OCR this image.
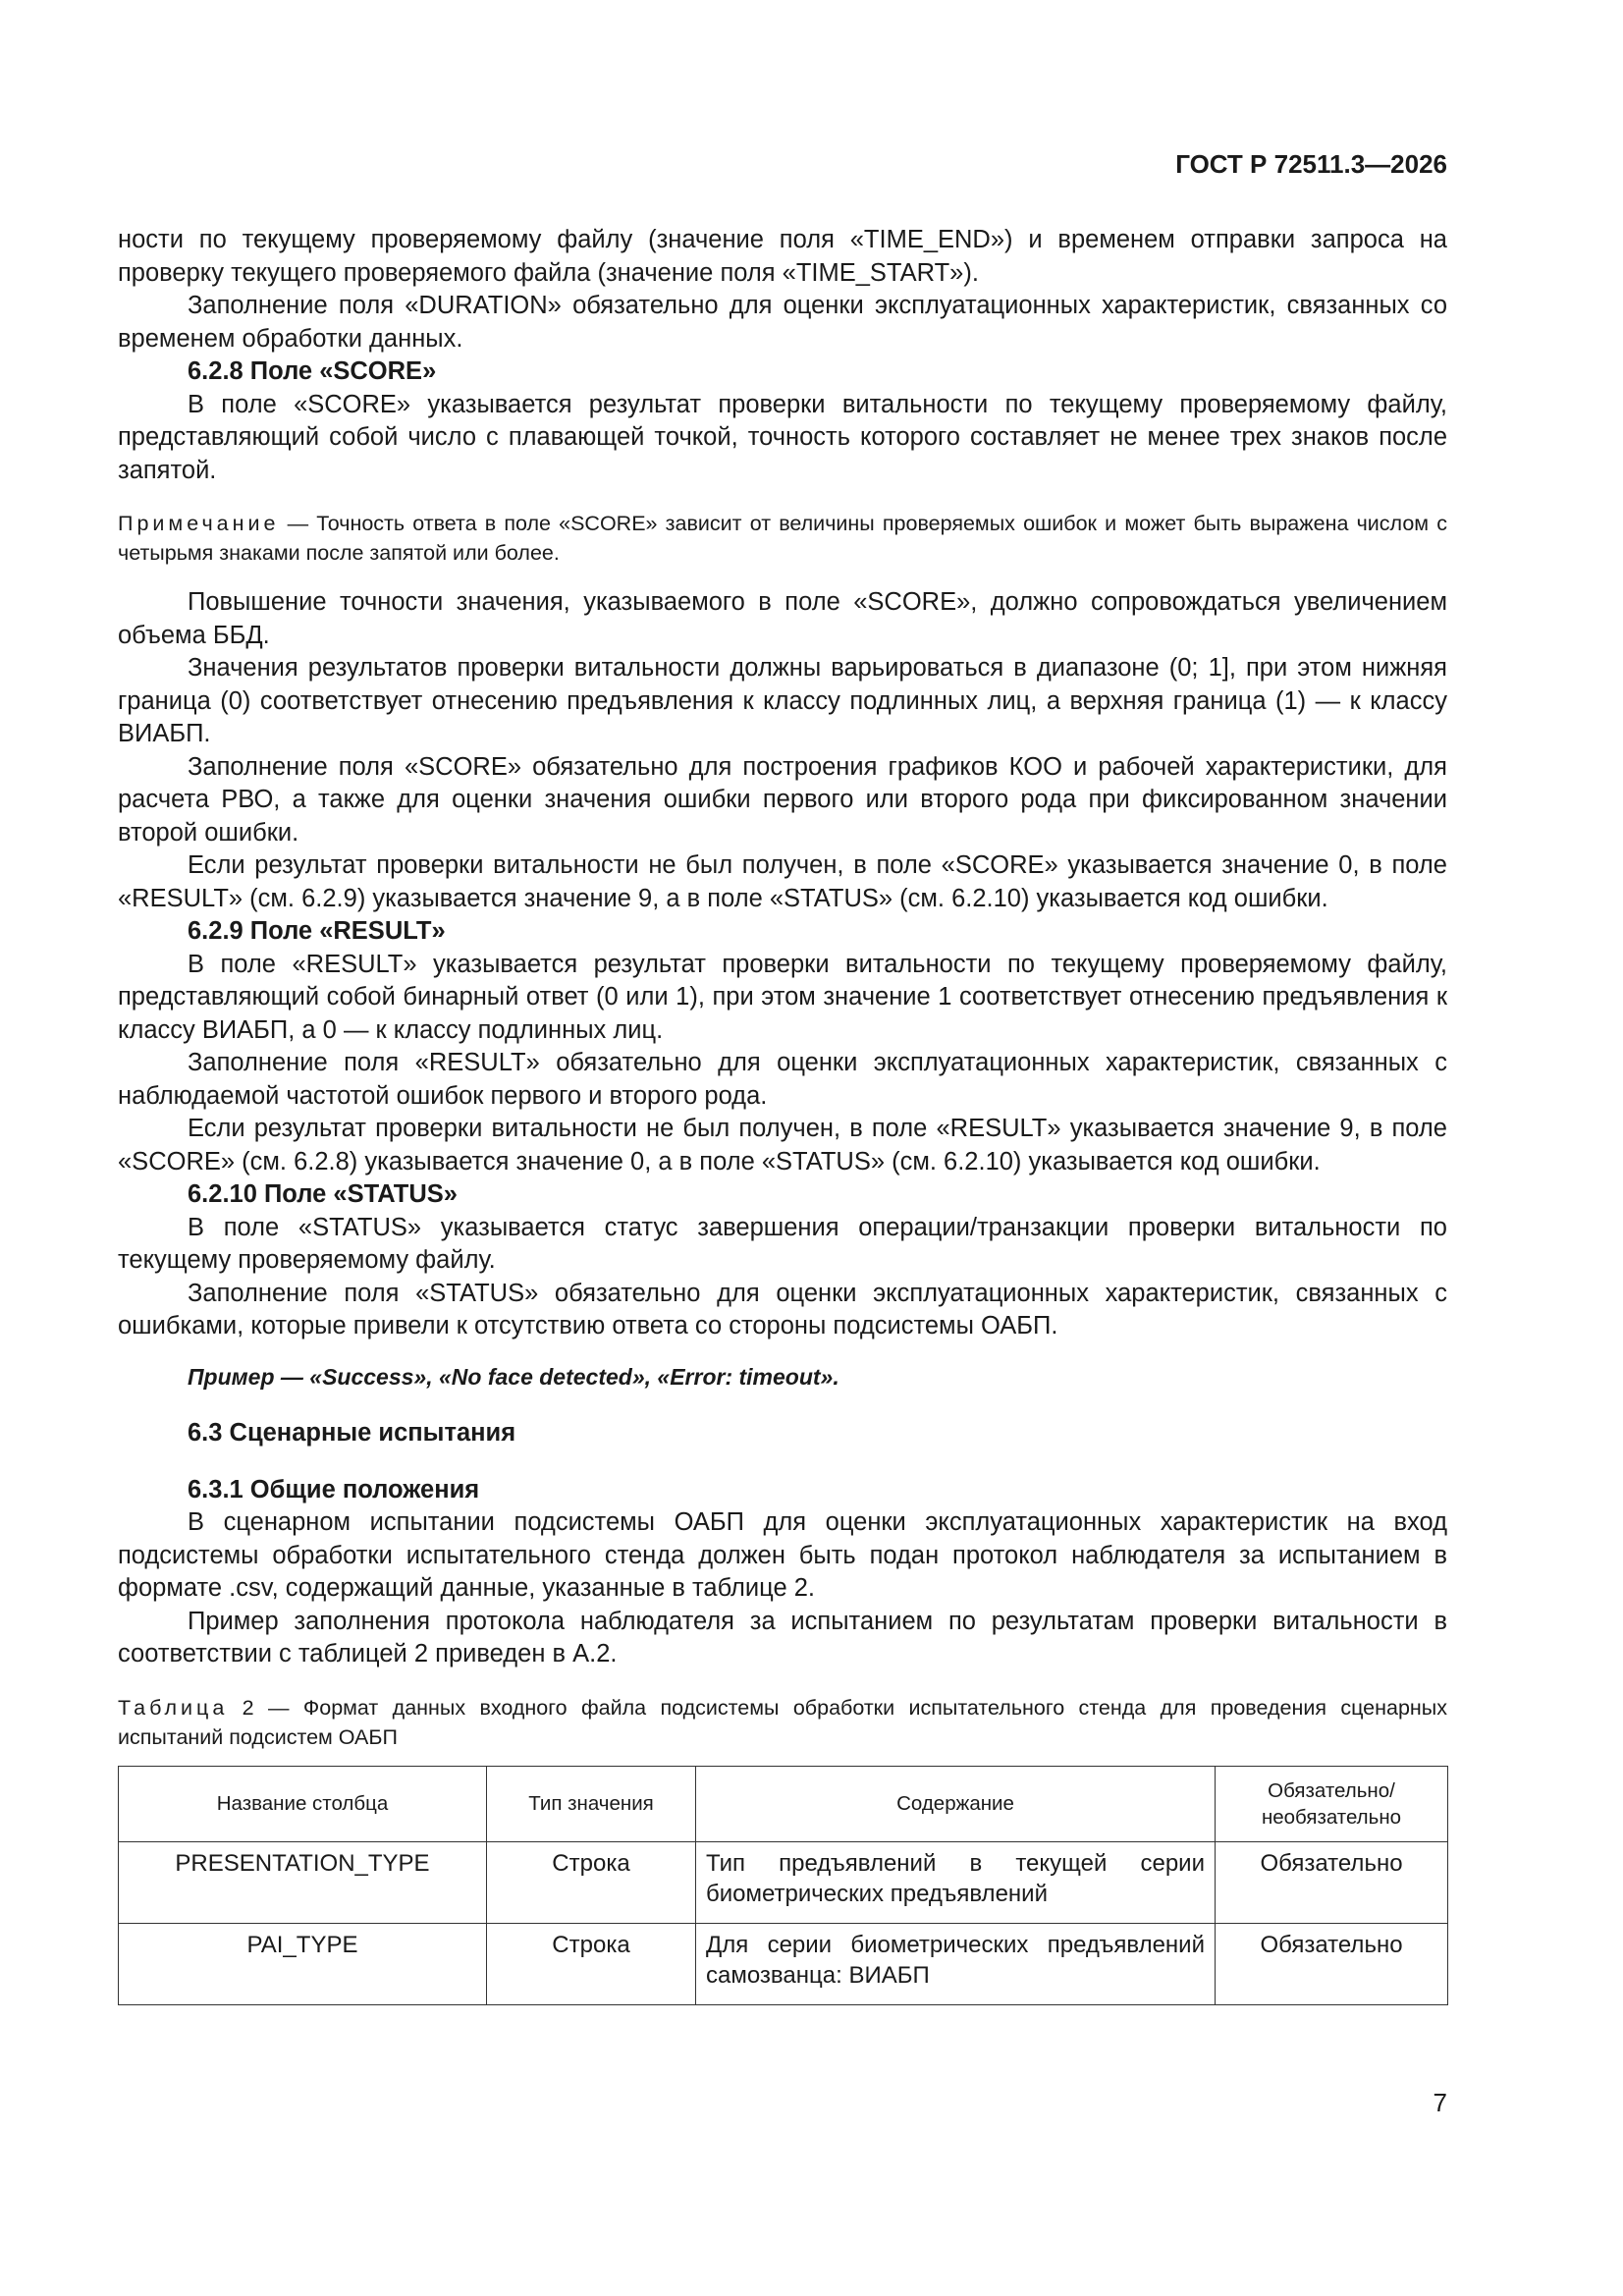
ГОСТ Р 72511.3—2026

ности по текущему проверяемому файлу (значение поля «TIME_END») и временем отправки запроса на проверку текущего проверяемого файла (значение поля «TIME_START»).

Заполнение поля «DURATION» обязательно для оценки эксплуатационных характеристик, связанных со временем обработки данных.

6.2.8 Поле «SCORE»

В поле «SCORE» указывается результат проверки витальности по текущему проверяемому файлу, представляющий собой число с плавающей точкой, точность которого составляет не менее трех знаков после запятой.

Примечание — Точность ответа в поле «SCORE» зависит от величины проверяемых ошибок и может быть выражена числом с четырьмя знаками после запятой или более.

Повышение точности значения, указываемого в поле «SCORE», должно сопровождаться увеличением объема ББД.

Значения результатов проверки витальности должны варьироваться в диапазоне (0; 1], при этом нижняя граница (0) соответствует отнесению предъявления к классу подлинных лиц, а верхняя граница (1) — к классу ВИАБП.

Заполнение поля «SCORE» обязательно для построения графиков КОО и рабочей характеристики, для расчета РВО, а также для оценки значения ошибки первого или второго рода при фиксированном значении второй ошибки.

Если результат проверки витальности не был получен, в поле «SCORE» указывается значение 0, в поле «RESULT» (см. 6.2.9) указывается значение 9, а в поле «STATUS» (см. 6.2.10) указывается код ошибки.

6.2.9 Поле «RESULT»

В поле «RESULT» указывается результат проверки витальности по текущему проверяемому файлу, представляющий собой бинарный ответ (0 или 1), при этом значение 1 соответствует отнесению предъявления к классу ВИАБП, а 0 — к классу подлинных лиц.

Заполнение поля «RESULT» обязательно для оценки эксплуатационных характеристик, связанных с наблюдаемой частотой ошибок первого и второго рода.

Если результат проверки витальности не был получен, в поле «RESULT» указывается значение 9, в поле «SCORE» (см. 6.2.8) указывается значение 0, а в поле «STATUS» (см. 6.2.10) указывается код ошибки.

6.2.10 Поле «STATUS»

В поле «STATUS» указывается статус завершения операции/транзакции проверки витальности по текущему проверяемому файлу.

Заполнение поля «STATUS» обязательно для оценки эксплуатационных характеристик, связанных с ошибками, которые привели к отсутствию ответа со стороны подсистемы ОАБП.

Пример — «Success», «No face detected», «Error: timeout».

6.3 Сценарные испытания

6.3.1 Общие положения

В сценарном испытании подсистемы ОАБП для оценки эксплуатационных характеристик на вход подсистемы обработки испытательного стенда должен быть подан протокол наблюдателя за испытанием в формате .csv, содержащий данные, указанные в таблице 2.

Пример заполнения протокола наблюдателя за испытанием по результатам проверки витальности в соответствии с таблицей 2 приведен в А.2.

Таблица 2 — Формат данных входного файла подсистемы обработки испытательного стенда для проведения сценарных испытаний подсистем ОАБП

Название столбца	Тип значения	Содержание	Обязательно/ необязательно
PRESENTATION_TYPE	Строка	Тип предъявлений в текущей серии биометрических предъявлений	Обязательно
PAI_TYPE	Строка	Для серии биометрических предъявлений самозванца: ВИАБП	Обязательно
7
